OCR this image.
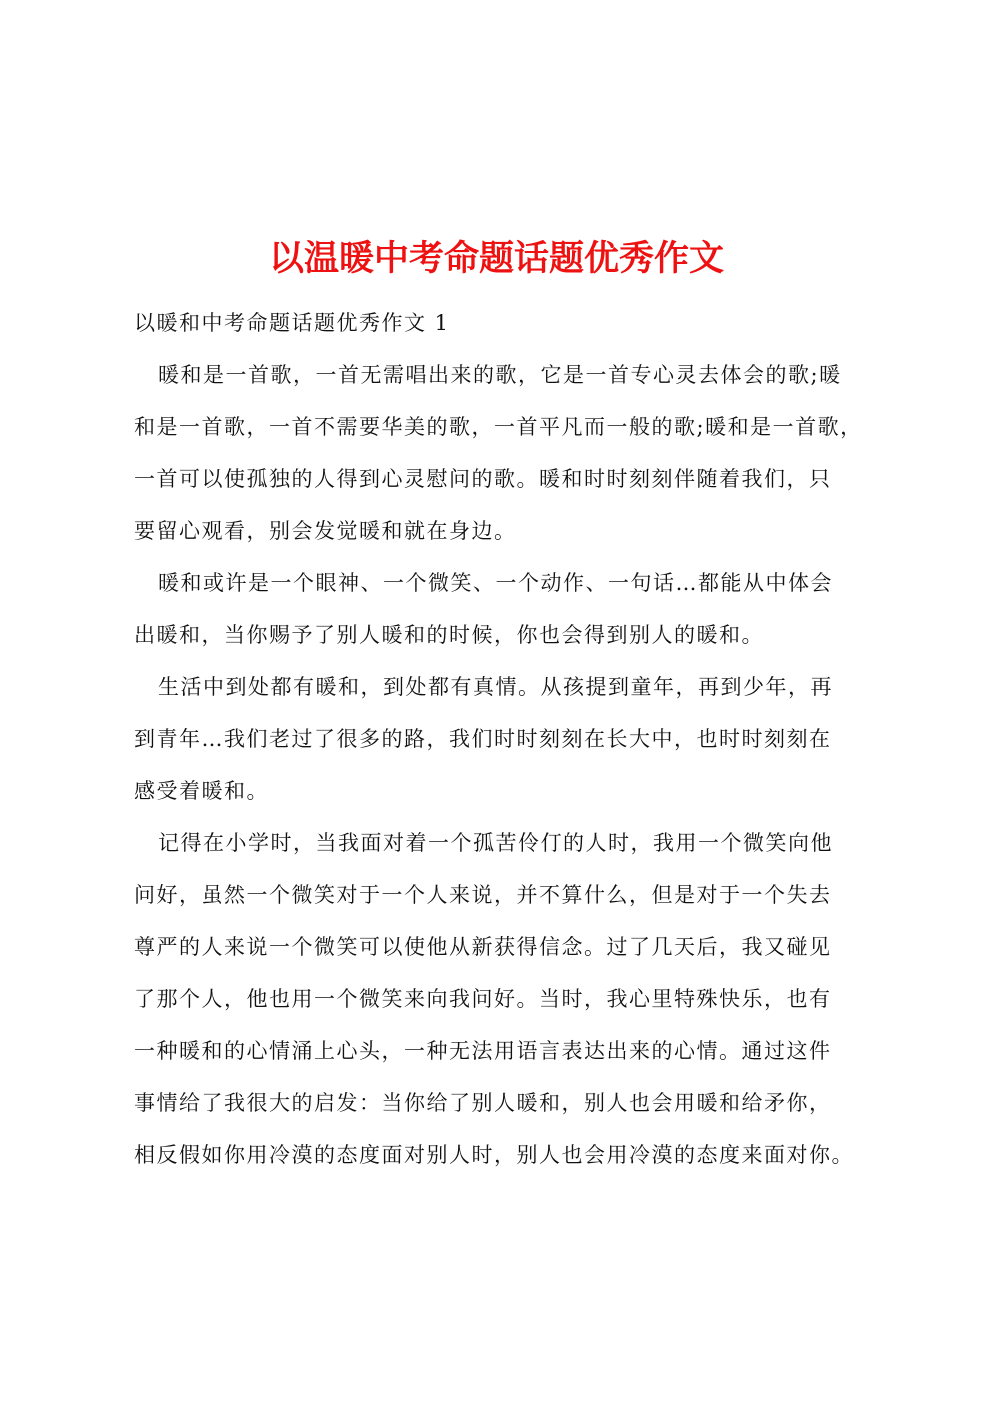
以温暖中考命题话题优秀作文

以暖和中考命题话题优秀作文 1

暖和是一首歌，一首无需唱出来的歌，它是一首专心灵去体会的歌;暖
和是一首歌，一首不需要华美的歌，一首平凡而一般的歌;暖和是一首歌，
一首可以使孤独的人得到心灵慰问的歌。暖和时时刻刻伴随着我们，只
要留心观看，别会发觉暖和就在身边。

暖和或许是一个眼神、一个微笑、一个动作、一句话…都能从中体会
出暖和，当你赐予了别人暖和的时候，你也会得到别人的暖和。

生活中到处都有暖和，到处都有真情。从孩提到童年，再到少年，再
到青年…我们老过了很多的路，我们时时刻刻在长大中，也时时刻刻在
感受着暖和。

记得在小学时，当我面对着一个孤苦伶仃的人时，我用一个微笑向他
问好，虽然一个微笑对于一个人来说，并不算什么，但是对于一个失去
尊严的人来说一个微笑可以使他从新获得信念。过了几天后，我又碰见
了那个人，他也用一个微笑来向我问好。当时，我心里特殊快乐，也有
一种暖和的心情涌上心头，一种无法用语言表达出来的心情。通过这件
事情给了我很大的启发：当你给了别人暖和，别人也会用暖和给矛你，
相反假如你用冷漠的态度面对别人时，别人也会用冷漠的态度来面对你。
